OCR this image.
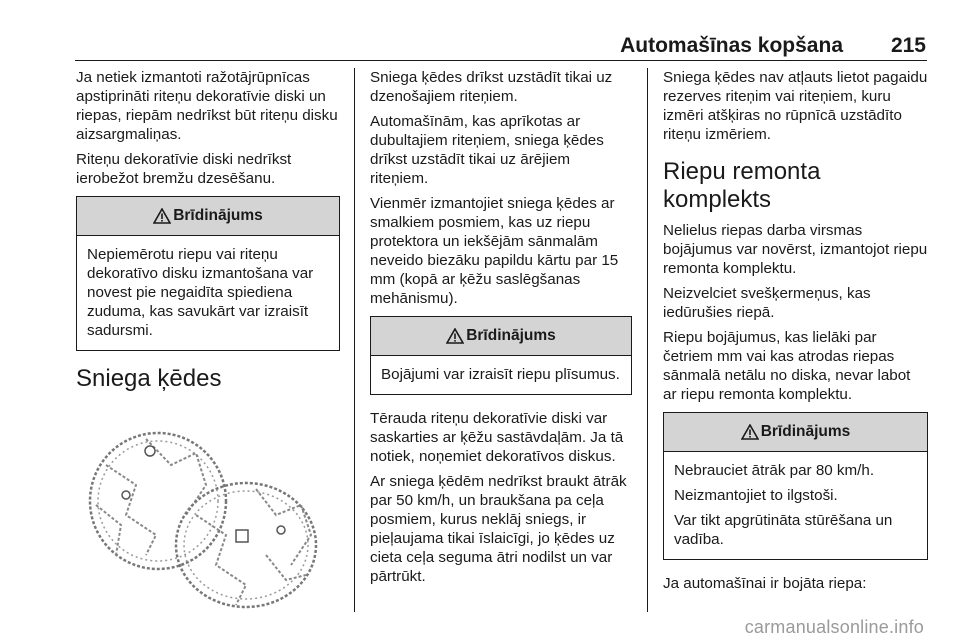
Automašīnas kopšana 215

Ja netiek izmantoti ražotājrūpnīcas apstiprināti riteņu dekoratīvie diski un riepas, riepām nedrīkst būt riteņu disku aizsargmaliņas.

Riteņu dekoratīvie diski nedrīkst ierobežot bremžu dzesēšanu.

Brīdinājums

Nepiemērotu riepu vai riteņu dekoratīvo disku izmantošana var novest pie negaidīta spiediena zuduma, kas savukārt var izraisīt sadursmi.

Sniega ķēdes

Sniega ķēdes drīkst uzstādīt tikai uz dzenošajiem riteņiem.

Automašīnām, kas aprīkotas ar dubultajiem riteņiem, sniega ķēdes drīkst uzstādīt tikai uz ārējiem riteņiem.

Vienmēr izmantojiet sniega ķēdes ar smalkiem posmiem, kas uz riepu protektora un iekšējām sānmalām neveido biezāku papildu kārtu par 15 mm (kopā ar ķēžu saslēgšanas mehānismu).

Brīdinājums

Bojājumi var izraisīt riepu plīsumus.

Tērauda riteņu dekoratīvie diski var saskarties ar ķēžu sastāvdaļām. Ja tā notiek, noņemiet dekoratīvos diskus.

Ar sniega ķēdēm nedrīkst braukt ātrāk par 50 km/h, un braukšana pa ceļa posmiem, kurus neklāj sniegs, ir pieļaujama tikai īslaicīgi, jo ķēdes uz cieta ceļa seguma ātri nodilst un var pārtrūkt.

Sniega ķēdes nav atļauts lietot pagaidu rezerves riteņim vai riteņiem, kuru izmēri atšķiras no rūpnīcā uzstādīto riteņu izmēriem.

Riepu remonta komplekts

Nelielus riepas darba virsmas bojājumus var novērst, izmantojot riepu remonta komplektu.

Neizvelciet svešķermeņus, kas iedūrušies riepā.

Riepu bojājumus, kas lielāki par četriem mm vai kas atrodas riepas sānmalā netālu no diska, nevar labot ar riepu remonta komplektu.

Brīdinājums

Nebrauciet ātrāk par 80 km/h.

Neizmantojiet to ilgstoši.

Var tikt apgrūtināta stūrēšana un vadība.

Ja automašīnai ir bojāta riepa:

carmanualsonline.info
